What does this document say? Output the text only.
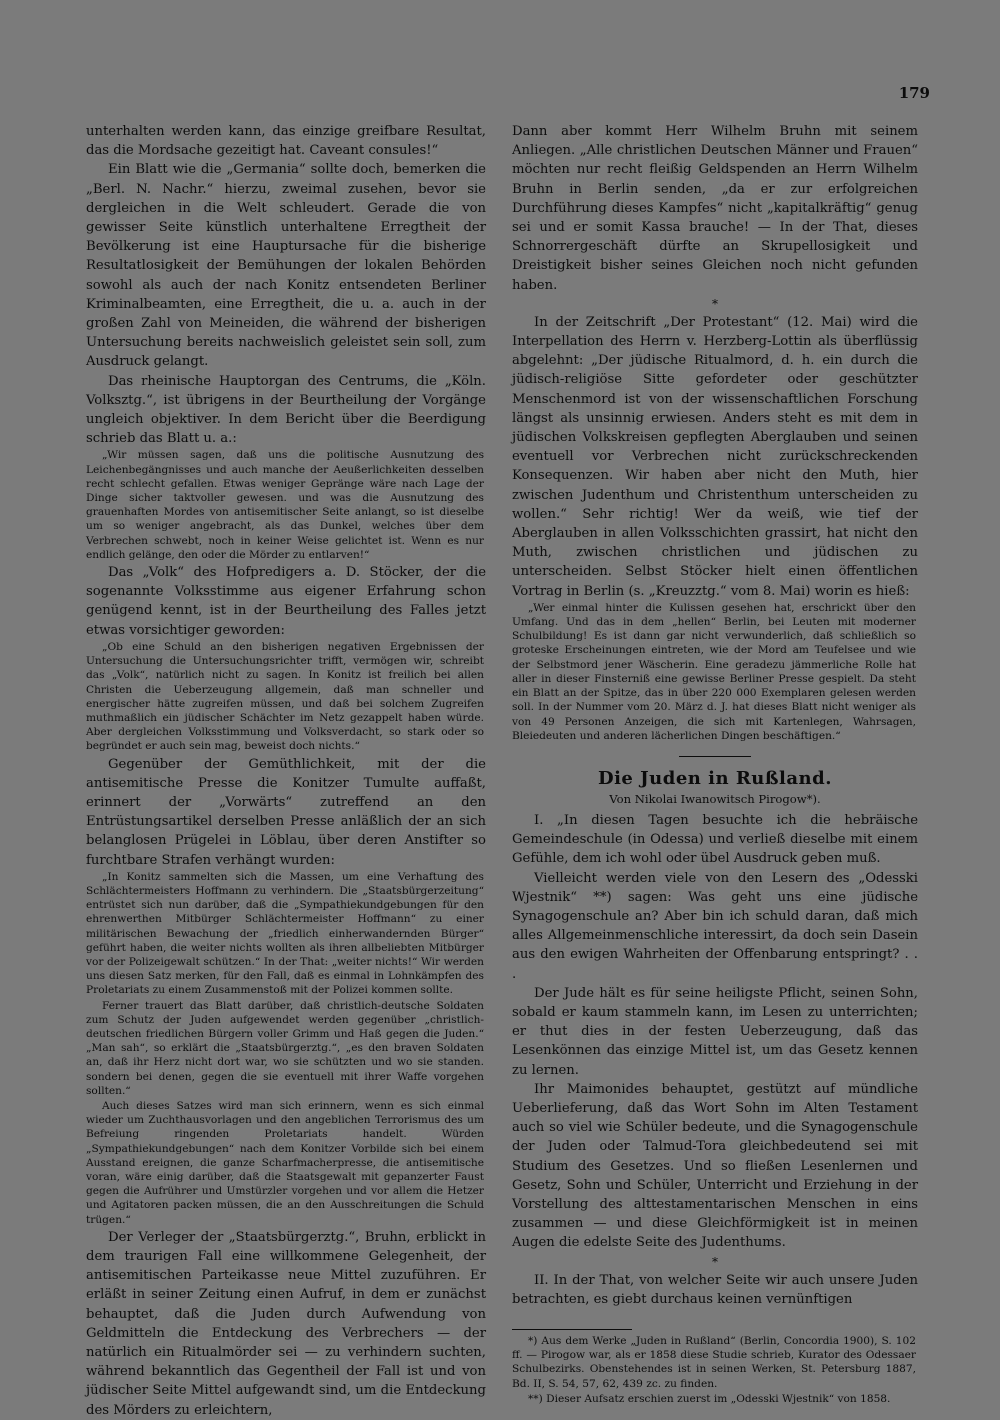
179

unterhalten werden kann, das einzige greifbare Resultat, das die Mordsache gezeitigt hat. Caveant consules!“

Ein Blatt wie die „Germania“ sollte doch, bemerken die „Berl. N. Nachr.“ hierzu, zweimal zusehen, bevor sie dergleichen in die Welt schleudert. Gerade die von gewisser Seite künstlich unterhaltene Erregtheit der Bevölkerung ist eine Hauptursache für die bisherige Resultatlosigkeit der Bemühungen der lokalen Behörden sowohl als auch der nach Konitz entsendeten Berliner Kriminalbeamten, eine Erregtheit, die u. a. auch in der großen Zahl von Meineiden, die während der bisherigen Untersuchung bereits nachweislich geleistet sein soll, zum Ausdruck gelangt.

Das rheinische Hauptorgan des Centrums, die „Köln. Volksztg.“, ist übrigens in der Beurtheilung der Vorgänge ungleich objektiver. In dem Bericht über die Beerdigung schrieb das Blatt u. a.:

„Wir müssen sagen, daß uns die politische Ausnutzung des Leichenbegängnisses und auch manche der Aeußerlichkeiten desselben recht schlecht gefallen. Etwas weniger Gepränge wäre nach Lage der Dinge sicher taktvoller gewesen. und was die Ausnutzung des grauenhaften Mordes von antisemitischer Seite anlangt, so ist dieselbe um so weniger angebracht, als das Dunkel, welches über dem Verbrechen schwebt, noch in keiner Weise gelichtet ist. Wenn es nur endlich gelänge, den oder die Mörder zu entlarven!“

Das „Volk“ des Hofpredigers a. D. Stöcker, der die sogenannte Volksstimme aus eigener Erfahrung schon genügend kennt, ist in der Beurtheilung des Falles jetzt etwas vorsichtiger geworden:

„Ob eine Schuld an den bisherigen negativen Ergebnissen der Untersuchung die Untersuchungsrichter trifft, vermögen wir, schreibt das „Volk“, natürlich nicht zu sagen. In Konitz ist freilich bei allen Christen die Ueberzeugung allgemein, daß man schneller und energischer hätte zugreifen müssen, und daß bei solchem Zugreifen muthmaßlich ein jüdischer Schächter im Netz gezappelt haben würde. Aber dergleichen Volksstimmung und Volksverdacht, so stark oder so begründet er auch sein mag, beweist doch nichts.“

Gegenüber der Gemüthlichkeit, mit der die antisemitische Presse die Konitzer Tumulte auffaßt, erinnert der „Vorwärts“ zutreffend an den Entrüstungsartikel derselben Presse anläßlich der an sich belanglosen Prügelei in Löblau, über deren Anstifter so furchtbare Strafen verhängt wurden:

„In Konitz sammelten sich die Massen, um eine Verhaftung des Schlächtermeisters Hoffmann zu verhindern. Die „Staatsbürgerzeitung“ entrüstet sich nun darüber, daß die „Sympathiekundgebungen für den ehrenwerthen Mitbürger Schlächtermeister Hoffmann“ zu einer militärischen Bewachung der „friedlich einherwandernden Bürger“ geführt haben, die weiter nichts wollten als ihren allbeliebten Mitbürger vor der Polizeigewalt schützen.“ In der That: „weiter nichts!“ Wir werden uns diesen Satz merken, für den Fall, daß es einmal in Lohnkämpfen des Proletariats zu einem Zusammenstoß mit der Polizei kommen sollte.

Ferner trauert das Blatt darüber, daß christlich-deutsche Soldaten zum Schutz der Juden aufgewendet werden gegenüber „christlich-deutschen friedlichen Bürgern voller Grimm und Haß gegen die Juden.“ „Man sah“, so erklärt die „Staatsbürgerztg.“, „es den braven Soldaten an, daß ihr Herz nicht dort war, wo sie schützten und wo sie standen. sondern bei denen, gegen die sie eventuell mit ihrer Waffe vorgehen sollten.“

Auch dieses Satzes wird man sich erinnern, wenn es sich einmal wieder um Zuchthausvorlagen und den angeblichen Terrorismus des um Befreiung ringenden Proletariats handelt. Würden „Sympathiekundgebungen“ nach dem Konitzer Vorbilde sich bei einem Ausstand ereignen, die ganze Scharfmacherpresse, die antisemitische voran, wäre einig darüber, daß die Staatsgewalt mit gepanzerter Faust gegen die Aufrührer und Umstürzler vorgehen und vor allem die Hetzer und Agitatoren packen müssen, die an den Ausschreitungen die Schuld trügen.“

Der Verleger der „Staatsbürgerztg.“, Bruhn, erblickt in dem traurigen Fall eine willkommene Gelegenheit, der antisemitischen Parteikasse neue Mittel zuzuführen. Er erläßt in seiner Zeitung einen Aufruf, in dem er zunächst behauptet, daß die Juden durch Aufwendung von Geldmitteln die Entdeckung des Verbrechers — der natürlich ein Ritualmörder sei — zu verhindern suchten, während bekanntlich das Gegentheil der Fall ist und von jüdischer Seite Mittel aufgewandt sind, um die Entdeckung des Mörders zu erleichtern,

Dann aber kommt Herr Wilhelm Bruhn mit seinem Anliegen. „Alle christlichen Deutschen Männer und Frauen“ möchten nur recht fleißig Geldspenden an Herrn Wilhelm Bruhn in Berlin senden, „da er zur erfolgreichen Durchführung dieses Kampfes“ nicht „kapitalkräftig“ genug sei und er somit Kassa brauche! — In der That, dieses Schnorrergeschäft dürfte an Skrupellosigkeit und Dreistigkeit bisher seines Gleichen noch nicht gefunden haben.

*

In der Zeitschrift „Der Protestant“ (12. Mai) wird die Interpellation des Herrn v. Herzberg-Lottin als überflüssig abgelehnt: „Der jüdische Ritualmord, d. h. ein durch die jüdisch-religiöse Sitte gefordeter oder geschützter Menschenmord ist von der wissenschaftlichen Forschung längst als unsinnig erwiesen. Anders steht es mit dem in jüdischen Volkskreisen gepflegten Aberglauben und seinen eventuell vor Verbrechen nicht zurückschreckenden Konsequenzen. Wir haben aber nicht den Muth, hier zwischen Judenthum und Christenthum unterscheiden zu wollen.“ Sehr richtig! Wer da weiß, wie tief der Aberglauben in allen Volksschichten grassirt, hat nicht den Muth, zwischen christlichen und jüdischen zu unterscheiden. Selbst Stöcker hielt einen öffentlichen Vortrag in Berlin (s. „Kreuzztg.“ vom 8. Mai) worin es hieß:

„Wer einmal hinter die Kulissen gesehen hat, erschrickt über den Umfang. Und das in dem „hellen“ Berlin, bei Leuten mit moderner Schulbildung! Es ist dann gar nicht verwunderlich, daß schließlich so groteske Erscheinungen eintreten, wie der Mord am Teufelsee und wie der Selbstmord jener Wäscherin. Eine geradezu jämmerliche Rolle hat aller in dieser Finsterniß eine gewisse Berliner Presse gespielt. Da steht ein Blatt an der Spitze, das in über 220 000 Exemplaren gelesen werden soll. In der Nummer vom 20. März d. J. hat dieses Blatt nicht weniger als von 49 Personen Anzeigen, die sich mit Kartenlegen, Wahrsagen, Bleiedeuten und anderen lächerlichen Dingen beschäftigen.“

Die Juden in Rußland.
Von Nikolai Iwanowitsch Pirogow*).

I. „In diesen Tagen besuchte ich die hebräische Gemeindeschule (in Odessa) und verließ dieselbe mit einem Gefühle, dem ich wohl oder übel Ausdruck geben muß.

Vielleicht werden viele von den Lesern des „Odesski Wjestnik“ **) sagen: Was geht uns eine jüdische Synagogenschule an? Aber bin ich schuld daran, daß mich alles Allgemeinmenschliche interessirt, da doch sein Dasein aus den ewigen Wahrheiten der Offenbarung entspringt? . . .

Der Jude hält es für seine heiligste Pflicht, seinen Sohn, sobald er kaum stammeln kann, im Lesen zu unterrichten; er thut dies in der festen Ueberzeugung, daß das Lesenkönnen das einzige Mittel ist, um das Gesetz kennen zu lernen.

Ihr Maimonides behauptet, gestützt auf mündliche Ueberlieferung, daß das Wort Sohn im Alten Testament auch so viel wie Schüler bedeute, und die Synagogenschule der Juden oder Talmud-Tora gleichbedeutend sei mit Studium des Gesetzes. Und so fließen Lesenlernen und Gesetz, Sohn und Schüler, Unterricht und Erziehung in der Vorstellung des alttestamentarischen Menschen in eins zusammen — und diese Gleichförmigkeit ist in meinen Augen die edelste Seite des Judenthums.

*

II. In der That, von welcher Seite wir auch unsere Juden betrachten, es giebt durchaus keinen vernünftigen

*) Aus dem Werke „Juden in Rußland“ (Berlin, Concordia 1900), S. 102 ff. — Pirogow war, als er 1858 diese Studie schrieb, Kurator des Odessaer Schulbezirks. Obenstehendes ist in seinen Werken, St. Petersburg 1887, Bd. II, S. 54, 57, 62, 439 zc. zu finden.

**) Dieser Aufsatz erschien zuerst im „Odesski Wjestnik“ von 1858.
